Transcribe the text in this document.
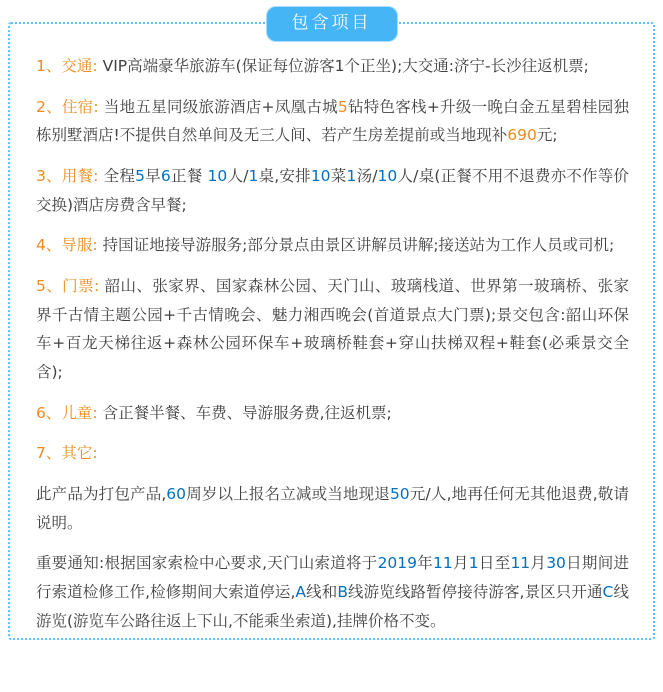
包含项目

1、交通: VIP高端豪华旅游车(保证每位游客1个正坐);大交通:济宁-长沙往返机票;

2、住宿: 当地五星同级旅游酒店+凤凰古城5钻特色客栈+升级一晚白金五星碧桂园独栋别墅酒店!不提供自然单间及无三人间、若产生房差提前或当地现补690元;

3、用餐: 全程5早6正餐 10人/1桌,安排10菜1汤/10人/桌(正餐不用不退费亦不作等价交换)酒店房费含早餐;

4、导服: 持国证地接导游服务;部分景点由景区讲解员讲解;接送站为工作人员或司机;

5、门票: 韶山、张家界、国家森林公园、天门山、玻璃栈道、世界第一玻璃桥、张家界千古情主题公园+千古情晚会、魅力湘西晚会(首道景点大门票);景交包含:韶山环保车+百龙天梯往返+森林公园环保车+玻璃桥鞋套+穿山扶梯双程+鞋套(必乘景交全含);

6、儿童: 含正餐半餐、车费、导游服务费,往返机票;

7、其它:

此产品为打包产品,60周岁以上报名立减或当地现退50元/人,地再任何无其他退费,敬请说明。

重要通知:根据国家索检中心要求,天门山索道将于2019年11月1日至11月30日期间进行索道检修工作,检修期间大索道停运,A线和B线游览线路暂停接待游客,景区只开通C线游览(游览车公路往返上下山,不能乘坐索道),挂牌价格不变。
